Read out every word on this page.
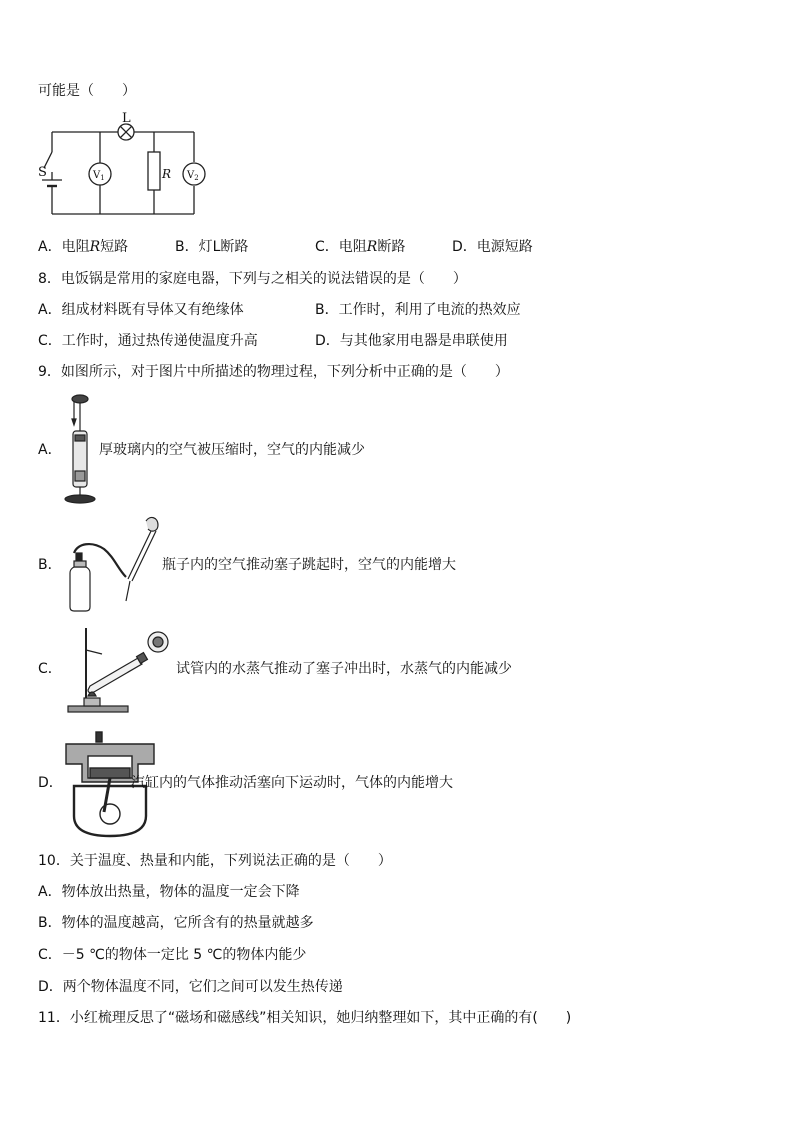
可能是（　　）
L
S	R
$V_1$	$V_2$
A．电阻R短路	B．灯L断路	C．电阻R断路	D．电源短路
8．电饭锅是常用的家庭电器，下列与之相关的说法错误的是（　　）
A．组成材料既有导体又有绝缘体	B．工作时，利用了电流的热效应
C．工作时，通过热传递使温度升高	D．与其他家用电器是串联使用
9．如图所示，对于图片中所描述的物理过程，下列分析中正确的是（　　）
A．	厚玻璃内的空气被压缩时，空气的内能减少
B．	瓶子内的空气推动塞子跳起时，空气的内能增大
C．	试管内的水蒸气推动了塞子冲出时，水蒸气的内能减少
D．	汽缸内的气体推动活塞向下运动时，气体的内能增大
10．关于温度、热量和内能，下列说法正确的是（　　）
A．物体放出热量，物体的温度一定会下降
B．物体的温度越高，它所含有的热量就越多
C．－5 ℃的物体一定比 5 ℃的物体内能少
D．两个物体温度不同，它们之间可以发生热传递
11．小红梳理反思了“磁场和磁感线”相关知识，她归纳整理如下，其中正确的有(　　)
